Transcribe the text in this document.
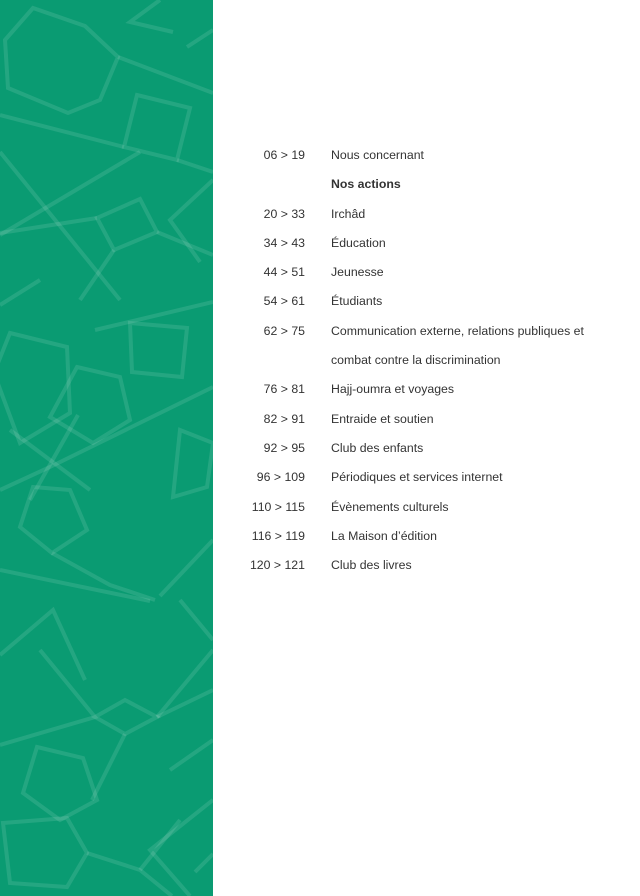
06 > 19 Nous concernant
Nos actions
20 > 33 Irchâd
34 > 43 Éducation
44 > 51 Jeunesse
54 > 61 Étudiants
62 > 75 Communication externe, relations publiques et combat contre la discrimination
76 > 81 Hajj-oumra et voyages
82 > 91 Entraide et soutien
92 > 95 Club des enfants
96 > 109 Périodiques et services internet
110 > 115 Évènements culturels
116 > 119 La Maison d’édition
120 > 121 Club des livres
